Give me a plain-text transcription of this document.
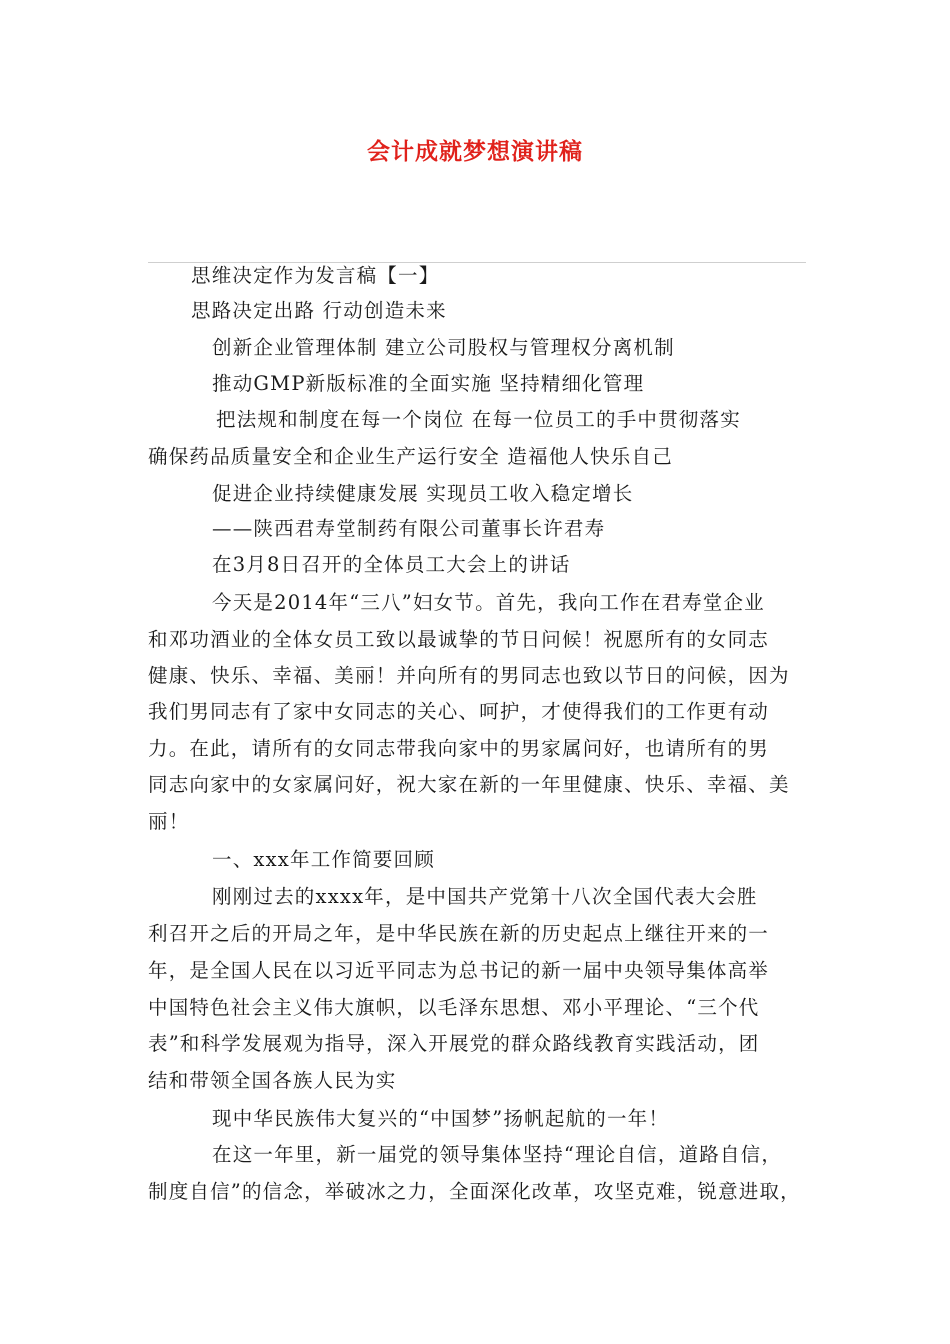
会计成就梦想演讲稿
思维决定作为发言稿【一】
思路决定出路 行动创造未来
创新企业管理体制 建立公司股权与管理权分离机制
推动GMP新版标准的全面实施 坚持精细化管理
把法规和制度在每一个岗位 在每一位员工的手中贯彻落实
确保药品质量安全和企业生产运行安全 造福他人快乐自己
促进企业持续健康发展 实现员工收入稳定增长
——陕西君寿堂制药有限公司董事长许君寿
在3月8日召开的全体员工大会上的讲话
今天是2014年“三八”妇女节。首先，我向工作在君寿堂企业
和邓功酒业的全体女员工致以最诚挚的节日问候！祝愿所有的女同志
健康、快乐、幸福、美丽！并向所有的男同志也致以节日的问候，因为
我们男同志有了家中女同志的关心、呵护，才使得我们的工作更有动
力。在此，请所有的女同志带我向家中的男家属问好，也请所有的男
同志向家中的女家属问好，祝大家在新的一年里健康、快乐、幸福、美
丽！
一、xxx年工作简要回顾
刚刚过去的xxxx年，是中国共产党第十八次全国代表大会胜
利召开之后的开局之年，是中华民族在新的历史起点上继往开来的一
年，是全国人民在以习近平同志为总书记的新一届中央领导集体高举
中国特色社会主义伟大旗帜，以毛泽东思想、邓小平理论、“三个代
表”和科学发展观为指导，深入开展党的群众路线教育实践活动，团
结和带领全国各族人民为实
现中华民族伟大复兴的“中国梦”扬帆起航的一年！
在这一年里，新一届党的领导集体坚持“理论自信，道路自信，
制度自信”的信念，举破冰之力，全面深化改革，攻坚克难，锐意进取，
